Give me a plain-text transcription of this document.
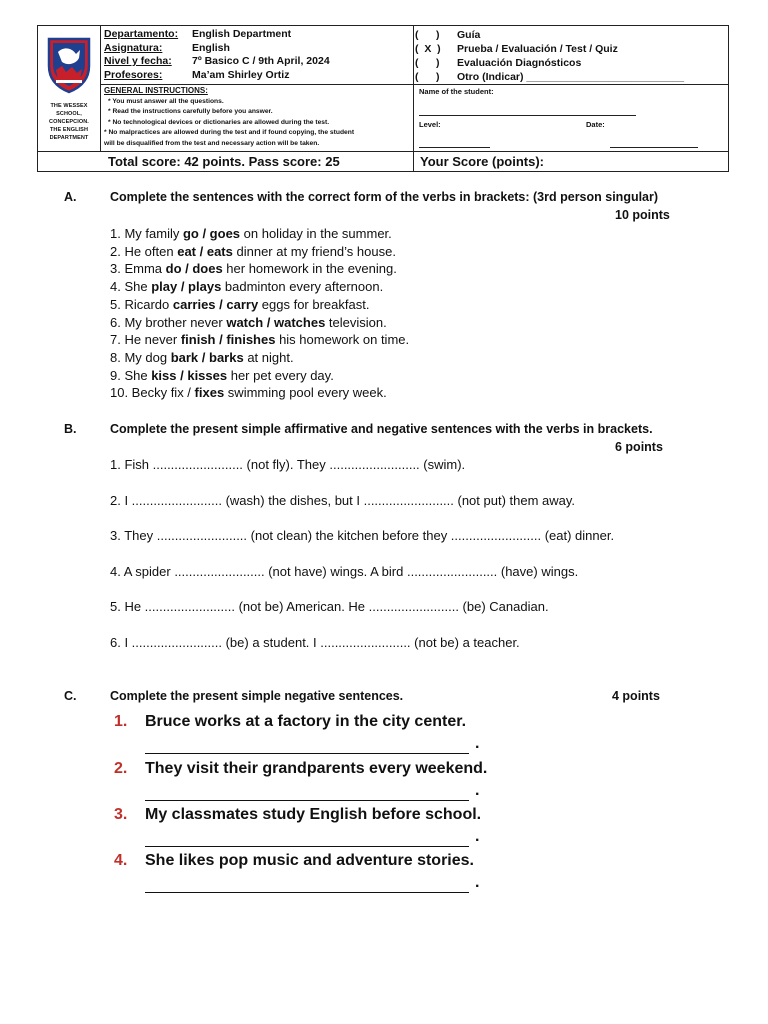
THE WESSEX
SCHOOL,
CONCEPCION.
THE ENGLISH
DEPARTMENT
Departamento:	English Department
Asignatura:	English
Nivel y fecha:	7º Basico C / 9th April, 2024
Profesores:	Ma’am Shirley Ortiz
GENERAL INSTRUCTIONS:
* You must answer all the questions.
* Read the instructions carefully before you answer.
* No technological devices or dictionaries are allowed during the test.
* No malpractices are allowed during the test and if found copying, the student
will be disqualified from the test and necessary action will be taken.
(      )	Guía
(  X  )	Prueba / Evaluación / Test / Quiz
(      )	Evaluación Diagnósticos
(      )	Otro (Indicar) ___________________________
Name of the student:
Level:	Date:
Total score: 42 points. Pass score: 25	Your Score (points):
A.	Complete the sentences with the correct form of the verbs in brackets: (3rd person singular)
10 points
1. My family go / goes on holiday in the summer.
2. He often eat / eats dinner at my friend’s house.
3. Emma do / does her homework in the evening.
4. She play / plays badminton every afternoon.
5. Ricardo carries / carry eggs for breakfast.
6. My brother never watch / watches television.
7. He never finish / finishes his homework on time.
8. My dog bark / barks at night.
9. She kiss / kisses her pet every day.
10. Becky fix / fixes swimming pool every week.
B.	Complete the present simple affirmative and negative sentences with the verbs in brackets.
6 points
1. Fish ......................... (not fly). They ......................... (swim).
2. I ......................... (wash) the dishes, but I ......................... (not put) them away.
3. They ......................... (not clean) the kitchen before they ......................... (eat) dinner.
4. A spider ......................... (not have) wings. A bird ......................... (have) wings.
5. He ......................... (not be) American. He ......................... (be) Canadian.
6. I ......................... (be) a student. I ......................... (not be) a teacher.
C.	Complete the present simple negative sentences.	4 points
1. Bruce works at a factory in the city center.
.
2. They visit their grandparents every weekend.
.
3. My classmates study English before school.
.
4. She likes pop music and adventure stories.
.
